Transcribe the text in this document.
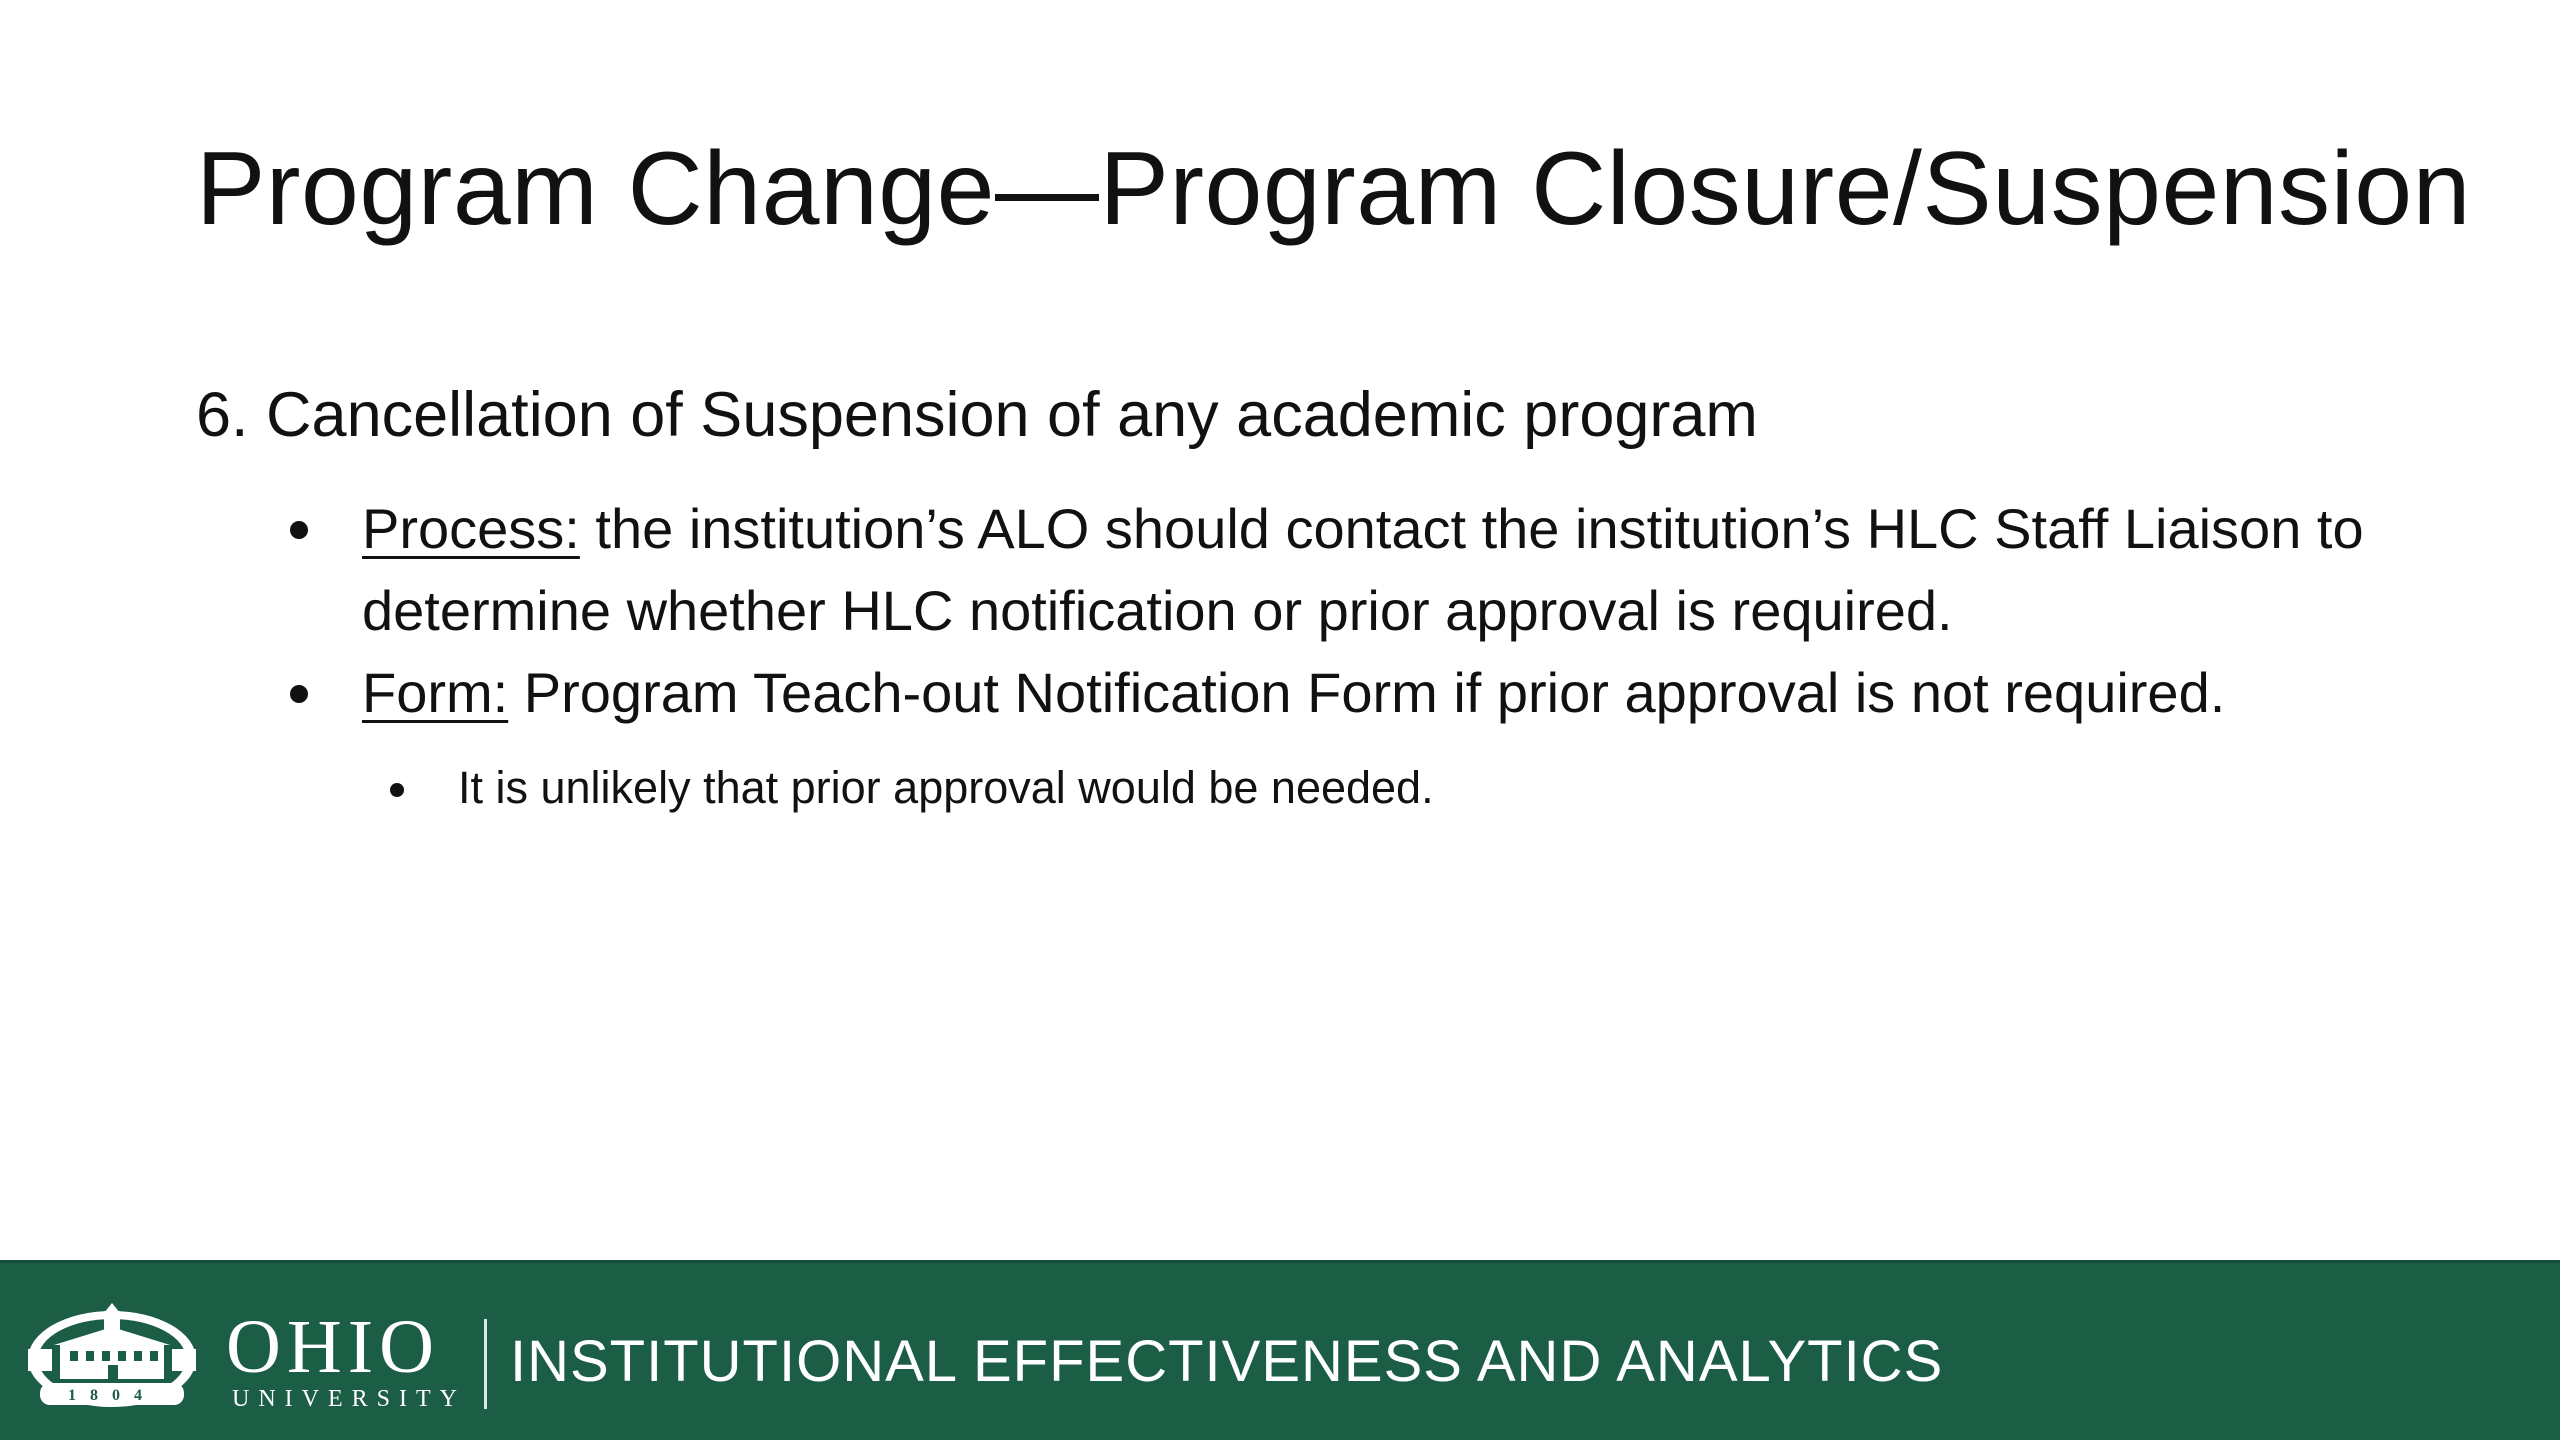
Program Change—Program Closure/Suspension
6. Cancellation of Suspension of any academic program
Process: the institution’s ALO should contact the institution’s HLC Staff Liaison to determine whether HLC notification or prior approval is required.
Form: Program Teach-out Notification Form if prior approval is not required.
It is unlikely that prior approval would be needed.
1804
OHIO
UNIVERSITY
INSTITUTIONAL EFFECTIVENESS AND ANALYTICS
